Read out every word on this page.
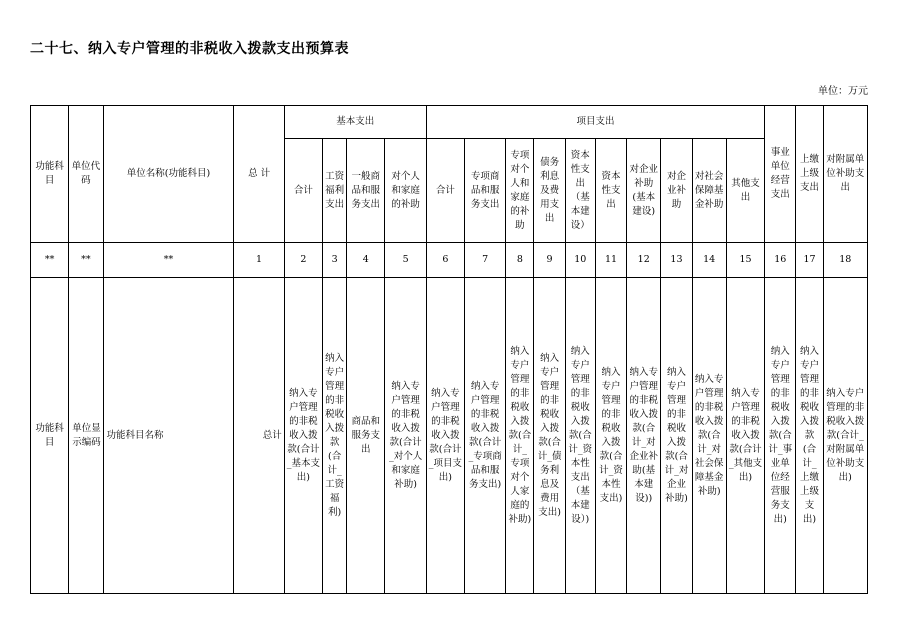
二十七、纳入专户管理的非税收入拨款支出预算表
单位：万元
功能科目	单位代码	单位名称(功能科目)	总 计	基本支出				项目支出										事业单位经营支出	上缴上级支出	对附属单位补助支出

				合计	工资福利支出	一般商品和服务支出	对个人和家庭的补助	合计	专项商品和服务支出	专项对个人和家庭的补助	债务利息及费用支出	资本性支出（基本建设）	资本性支出	对企业补助(基本建设)	对企业补助	对社会保障基金补助	其他支出			

**	**	**	1	2	3	4	5	6	7	8	9	10	11	12	13	14	15	16	17	18

功能科目	单位显示编码	功能科目名称	总计	纳入专户管理的非税收入拨款(合计_基本支出)	纳入专户管理的非税收入拨款(合计_工资福利)	商品和服务支出	纳入专户管理的非税收入拨款(合计_对个人和家庭补助)	纳入专户管理的非税收入拨款(合计_项目支出)	纳入专户管理的非税收入拨款(合计_专项商品和服务支出)	纳入专户管理的非税收入拨款(合计_专项对个人家庭的补助)	纳入专户管理的非税收入拨款(合计_债务利息及费用支出)	纳入专户管理的非税收入拨款(合计_资本性支出（基本建设）)	纳入专户管理的非税收入拨款(合计_资本性支出)	纳入专户管理的非税收入拨款(合计_对企业补助(基本建设))	纳入专户管理的非税收入拨款(合计_对企业补助)	纳入专户管理的非税收入拨款(合计_对社会保障基金补助)	纳入专户管理的非税收入拨款(合计_其他支出)	纳入专户管理的非税收入拨款(合计_事业单位经营服务支出)	纳入专户管理的非税收入拨款(合计_上缴上级支出)	纳入专户管理的非税收入拨款(合计_对附属单位补助支出)
